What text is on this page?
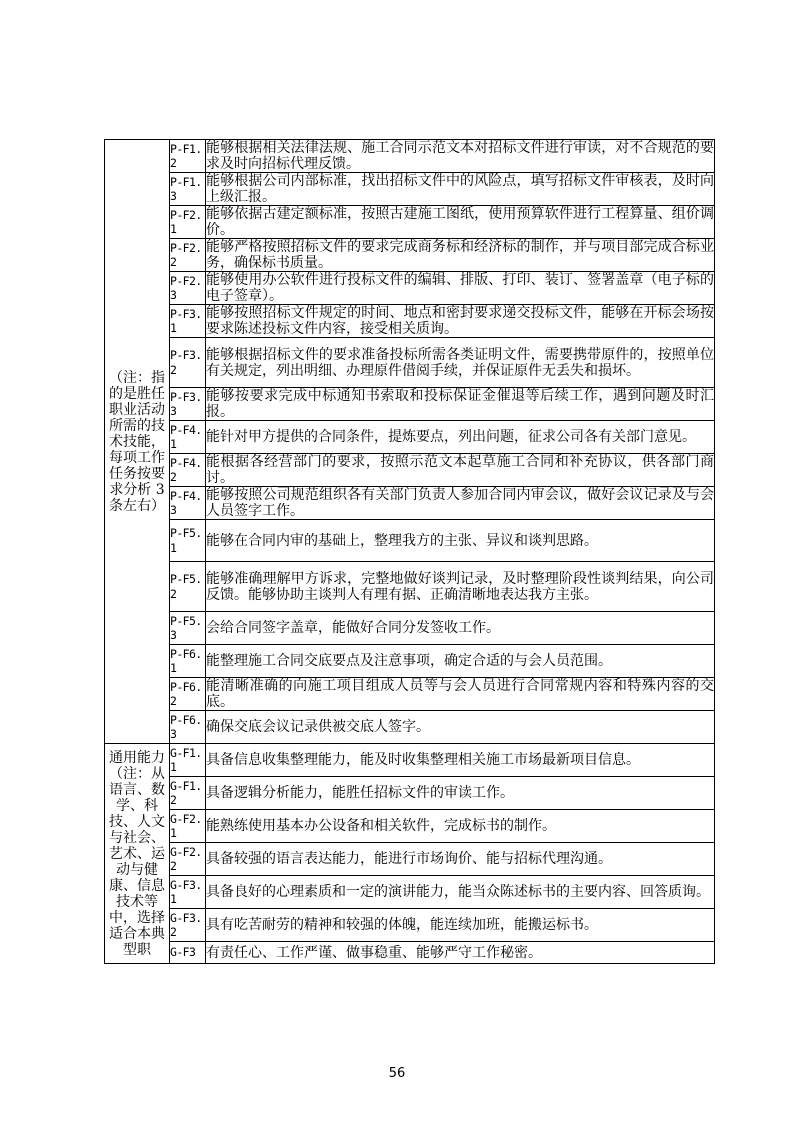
（注：指的是胜任职业活动所需的技术技能，每项工作任务按要求分析 3 条左右）	P-F1.2	能够根据相关法律法规、施工合同示范文本对招标文件进行审读，对不合规范的要求及时向招标代理反馈。
	P-F1.3	能够根据公司内部标准，找出招标文件中的风险点，填写招标文件审核表，及时向上级汇报。
	P-F2.1	能够依据古建定额标准，按照古建施工图纸，使用预算软件进行工程算量、组价调价。
	P-F2.2	能够严格按照招标文件的要求完成商务标和经济标的制作，并与项目部完成合标业务，确保标书质量。
	P-F2.3	能够使用办公软件进行投标文件的编辑、排版、打印、装订、签署盖章（电子标的电子签章）。
	P-F3.1	能够按照招标文件规定的时间、地点和密封要求递交投标文件，能够在开标会场按要求陈述投标文件内容，接受相关质询。
	P-F3.2	能够根据招标文件的要求准备投标所需各类证明文件，需要携带原件的，按照单位有关规定，列出明细、办理原件借阅手续，并保证原件无丢失和损坏。
	P-F3.3	能够按要求完成中标通知书索取和投标保证金催退等后续工作，遇到问题及时汇报。
	P-F4.1	能针对甲方提供的合同条件，提炼要点，列出问题，征求公司各有关部门意见。
	P-F4.2	能根据各经营部门的要求，按照示范文本起草施工合同和补充协议，供各部门商讨。
	P-F4.3	能够按照公司规范组织各有关部门负责人参加合同内审会议，做好会议记录及与会人员签字工作。
	P-F5.1	能够在合同内审的基础上，整理我方的主张、异议和谈判思路。
	P-F5.2	能够准确理解甲方诉求，完整地做好谈判记录，及时整理阶段性谈判结果，向公司反馈。能够协助主谈判人有理有据、正确清晰地表达我方主张。
	P-F5.3	会给合同签字盖章，能做好合同分发签收工作。
	P-F6.1	能整理施工合同交底要点及注意事项，确定合适的与会人员范围。
	P-F6.2	能清晰准确的向施工项目组成人员等与会人员进行合同常规内容和特殊内容的交底。
	P-F6.3	确保交底会议记录供被交底人签字。
通用能力（注：从语言、数学、科技、人文与社会、艺术、运动与健康、信息技术等中，选择适合本典型职	G-F1.1	具备信息收集整理能力，能及时收集整理相关施工市场最新项目信息。
	G-F1.2	具备逻辑分析能力，能胜任招标文件的审读工作。
	G-F2.1	能熟练使用基本办公设备和相关软件，完成标书的制作。
	G-F2.2	具备较强的语言表达能力，能进行市场询价、能与招标代理沟通。
	G-F3.1	具备良好的心理素质和一定的演讲能力，能当众陈述标书的主要内容、回答质询。
	G-F3.2	具有吃苦耐劳的精神和较强的体魄，能连续加班，能搬运标书。
	G-F3	有责任心、工作严谨、做事稳重、能够严守工作秘密。
56
